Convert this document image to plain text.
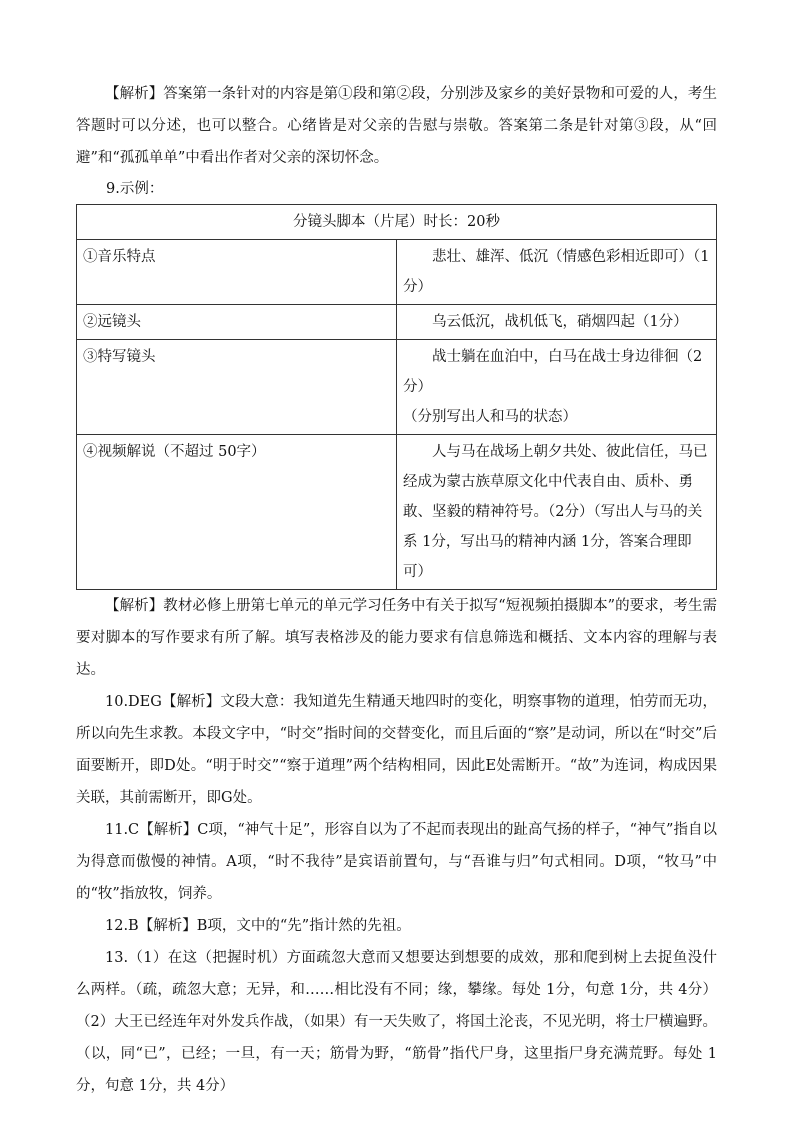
【解析】答案第一条针对的内容是第①段和第②段，分别涉及家乡的美好景物和可爱的人，考生答题时可以分述，也可以整合。心绪皆是对父亲的告慰与崇敬。答案第二条是针对第③段，从“回避”和“孤孤单单”中看出作者对父亲的深切怀念。

9.示例：

分镜头脚本（片尾）时长：20秒	
①音乐特点	悲壮、雄浑、低沉（情感色彩相近即可）（1分）
②远镜头	乌云低沉，战机低飞，硝烟四起（1分）
③特写镜头	战士躺在血泊中，白马在战士身边徘徊（2分）
（分别写出人和马的状态）

④视频解说（不超过 50字）	人与马在战场上朝夕共处、彼此信任，马已经成为蒙古族草原文化中代表自由、质朴、勇敢、坚毅的精神符号。（2分）（写出人与马的关系 1分，写出马的精神内涵 1分，答案合理即可）

【解析】教材必修上册第七单元的单元学习任务中有关于拟写“短视频拍摄脚本”的要求，考生需要对脚本的写作要求有所了解。填写表格涉及的能力要求有信息筛选和概括、文本内容的理解与表达。

10.DEG【解析】文段大意：我知道先生精通天地四时的变化，明察事物的道理，怕劳而无功，所以向先生求教。本段文字中，“时交”指时间的交替变化，而且后面的“察”是动词，所以在“时交”后面要断开，即D处。“明于时交”“察于道理”两个结构相同，因此E处需断开。“故”为连词，构成因果关联，其前需断开，即G处。

11.C【解析】C项，“神气十足”，形容自以为了不起而表现出的趾高气扬的样子，“神气”指自以为得意而傲慢的神情。A项，“时不我待”是宾语前置句，与“吾谁与归”句式相同。D项，“牧马”中的“牧”指放牧，饲养。

12.B【解析】B项，文中的“先”指计然的先祖。

13.（1）在这（把握时机）方面疏忽大意而又想要达到想要的成效，那和爬到树上去捉鱼没什么两样。（疏，疏忽大意；无异，和……相比没有不同；缘，攀缘。每处 1分，句意 1分，共 4分）（2）大王已经连年对外发兵作战，（如果）有一天失败了，将国土沦丧，不见光明，将士尸横遍野。（以，同“已”，已经；一旦，有一天；筋骨为野，“筋骨”指代尸身，这里指尸身充满荒野。每处 1分，句意 1分，共 4分）
